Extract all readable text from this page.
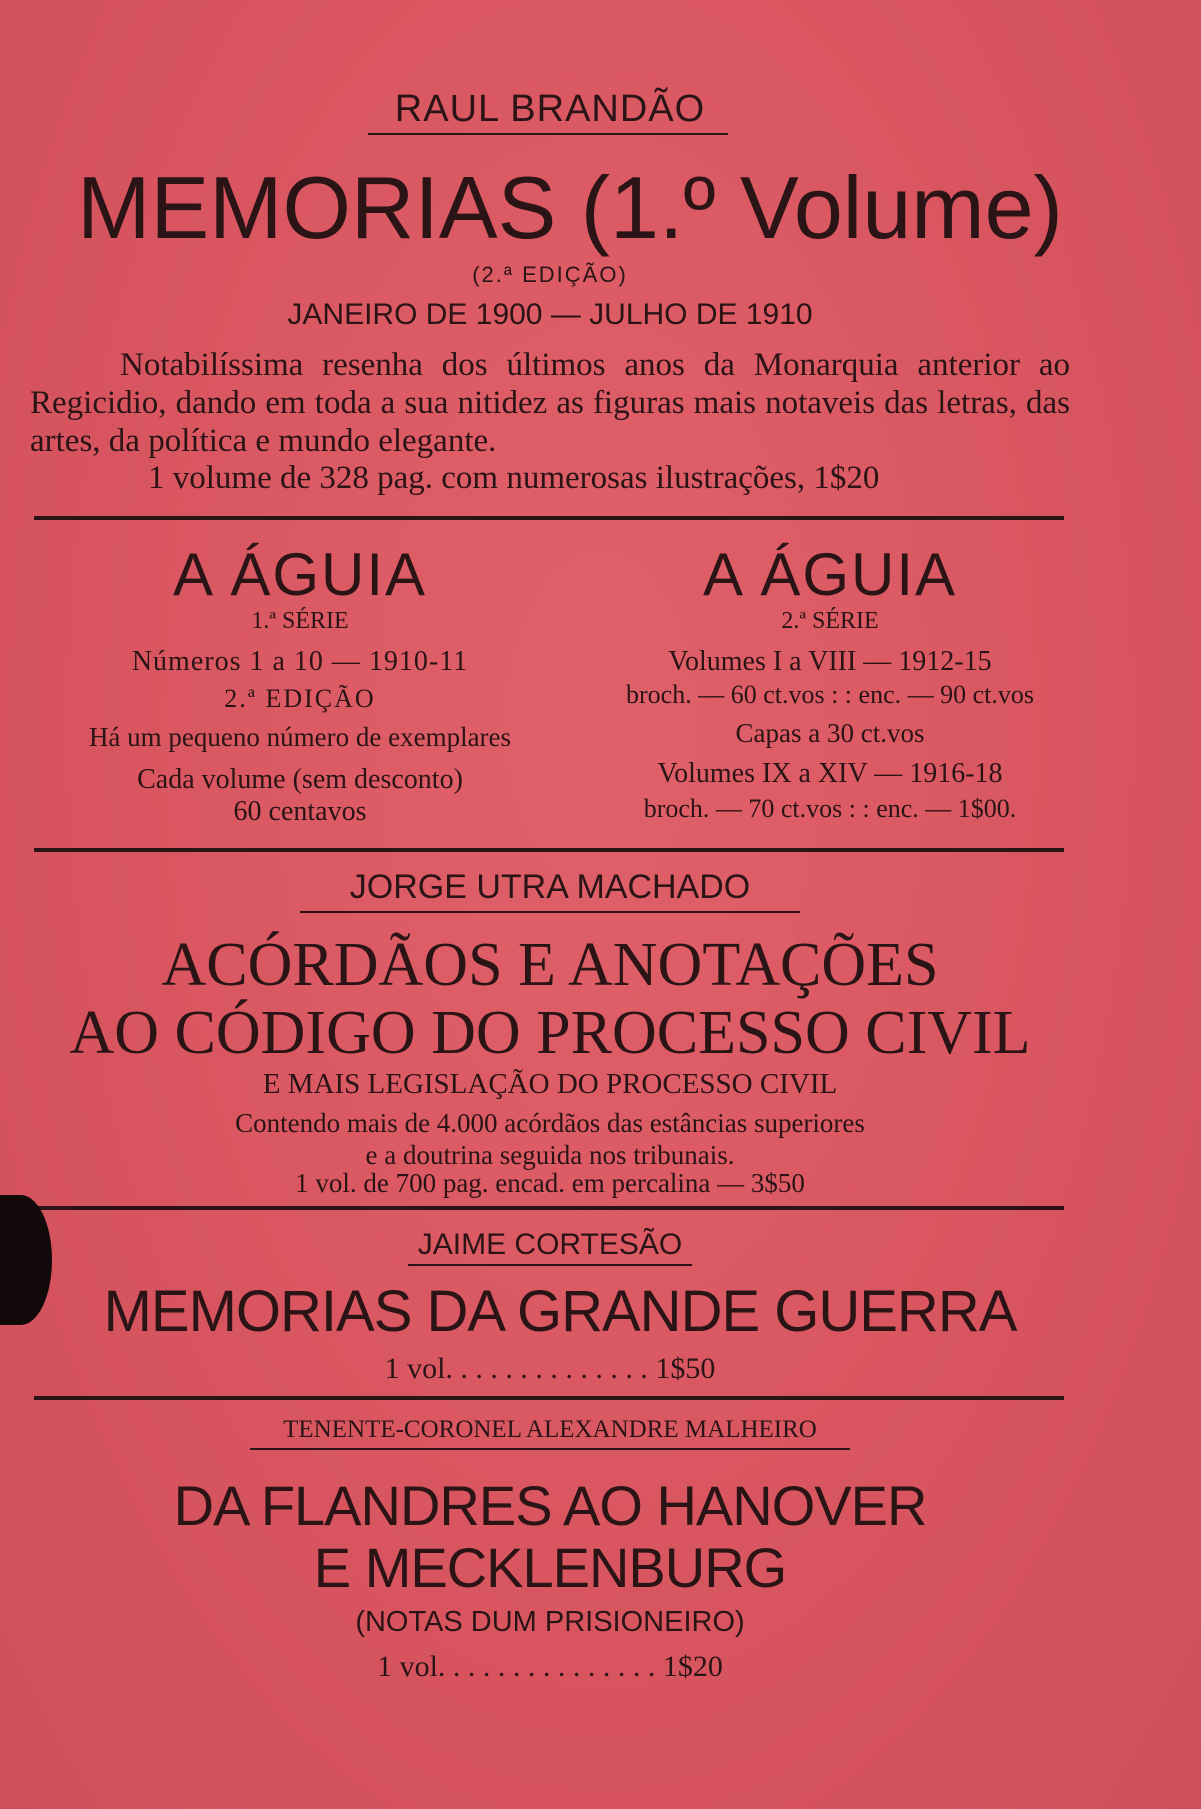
RAUL BRANDÃO
MEMORIAS (1.º Volume)
(2.ª EDIÇÃO)
JANEIRO DE 1900 — JULHO DE 1910
Notabilíssima resenha dos últimos anos da Monarquia anterior ao Regicidio, dando em toda a sua nitidez as figuras mais notaveis das letras, das artes, da política e mundo elegante.
1 volume de 328 pag. com numerosas ilustrações, 1$20
A ÁGUIA
1.ª SÉRIE
Números 1 a 10 — 1910-11
2.ª EDIÇÃO
Há um pequeno número de exemplares
Cada volume (sem desconto)
60 centavos
A ÁGUIA
2.ª SÉRIE
Volumes I a VIII — 1912-15
broch. — 60 ct.vos : : enc. — 90 ct.vos
Capas a 30 ct.vos
Volumes IX a XIV — 1916-18
broch. — 70 ct.vos : : enc. — 1$00.
JORGE UTRA MACHADO
ACÓRDÃOS E ANOTAÇÕES
AO CÓDIGO DO PROCESSO CIVIL
E MAIS LEGISLAÇÃO DO PROCESSO CIVIL
Contendo mais de 4.000 acórdãos das estâncias superiores
e a doutrina seguida nos tribunais.
1 vol. de 700 pag. encad. em percalina — 3$50
JAIME CORTESÃO
MEMORIAS DA GRANDE GUERRA
1 vol. . . . . . . . . . . . . . 1$50
TENENTE-CORONEL ALEXANDRE MALHEIRO
DA FLANDRES AO HANOVER
E MECKLENBURG
(NOTAS DUM PRISIONEIRO)
1 vol. . . . . . . . . . . . . . . 1$20
